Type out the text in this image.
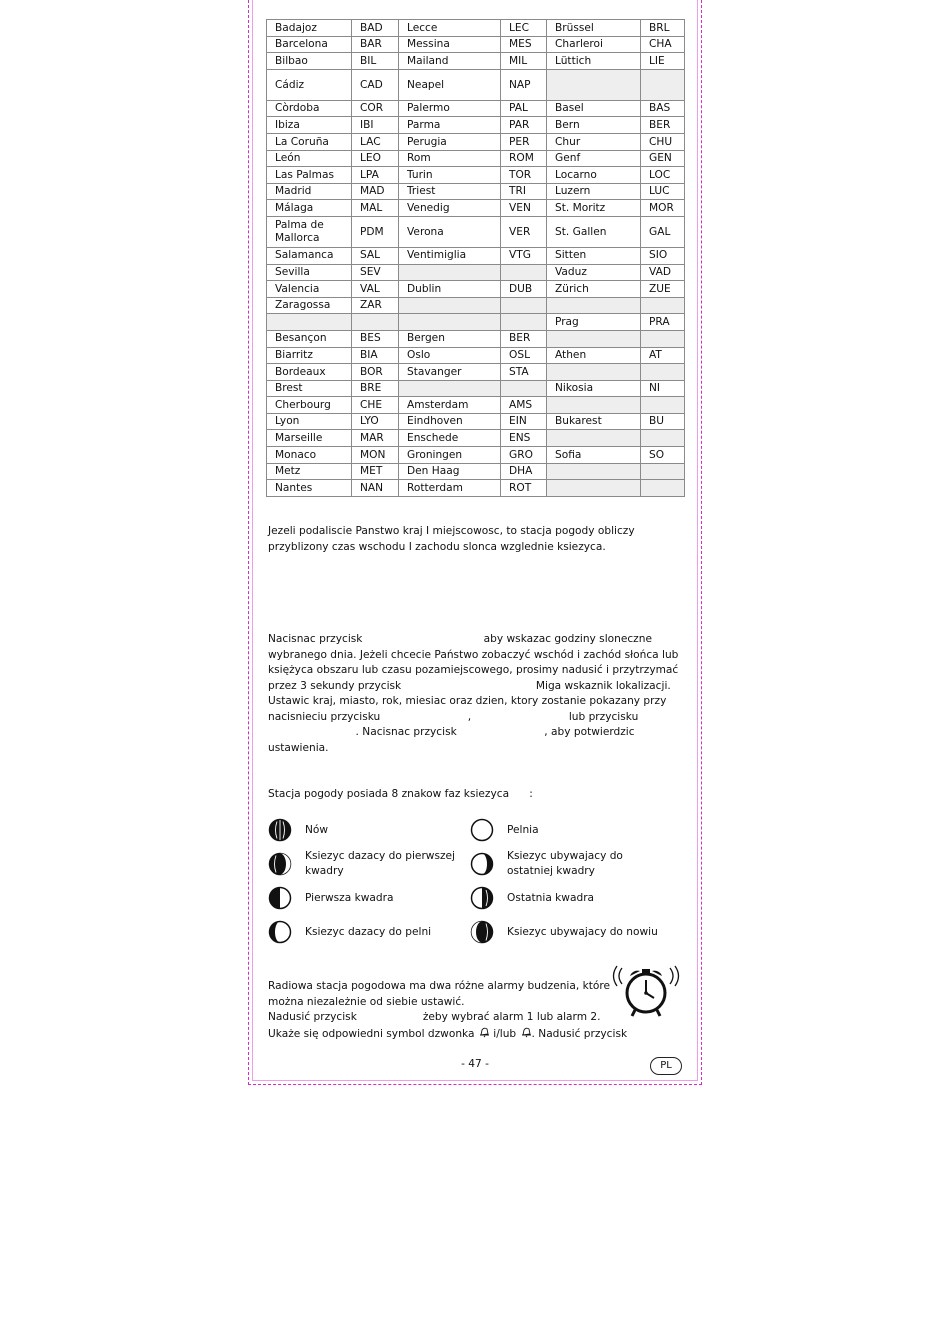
Badajoz	BAD	Lecce	LEC	Brüssel	BRL
Barcelona	BAR	Messina	MES	Charleroi	CHA
Bilbao	BIL	Mailand	MIL	Lüttich	LIE
Cádiz	CAD	Neapel	NAP		
Còrdoba	COR	Palermo	PAL	Basel	BAS
Ibiza	IBI	Parma	PAR	Bern	BER
La Coruña	LAC	Perugia	PER	Chur	CHU
León	LEO	Rom	ROM	Genf	GEN
Las Palmas	LPA	Turin	TOR	Locarno	LOC
Madrid	MAD	Triest	TRI	Luzern	LUC
Málaga	MAL	Venedig	VEN	St. Moritz	MOR
Palma de Mallorca	PDM	Verona	VER	St. Gallen	GAL
Salamanca	SAL	Ventimiglia	VTG	Sitten	SIO
Sevilla	SEV			Vaduz	VAD
Valencia	VAL	Dublin	DUB	Zürich	ZUE
Zaragossa	ZAR				
				Prag	PRA
Besançon	BES	Bergen	BER		
Biarritz	BIA	Oslo	OSL	Athen	AT
Bordeaux	BOR	Stavanger	STA		
Brest	BRE			Nikosia	NI
Cherbourg	CHE	Amsterdam	AMS		
Lyon	LYO	Eindhoven	EIN	Bukarest	BU
Marseille	MAR	Enschede	ENS		
Monaco	MON	Groningen	GRO	Sofia	SO
Metz	MET	Den Haag	DHA		
Nantes	NAN	Rotterdam	ROT		
Jezeli podaliscie Panstwo kraj I miejscowosc, to stacja pogody obliczy przyblizony czas wschodu I zachodu slonca wzglednie ksiezyca.
Nacisnac przycisk                                    aby wskazac godziny sloneczne
wybranego dnia. Jeżeli chcecie Państwo zobaczyć wschód i zachód słońca lub
księżyca obszaru lub czasu pozamiejscowego, prosimy nadusić i przytrzymać
przez 3 sekundy przycisk                                        Miga wskaznik lokalizacji.
Ustawic kraj, miasto, rok, miesiac oraz dzien, ktory zostanie pokazany przy
nacisnieciu przycisku                          ,                             lub przycisku
. Nacisnac przycisk                          , aby potwierdzic
ustawienia.
Stacja pogody posiada 8 znakow faz ksiezyca      :
Nów	Pelnia
Ksiezyc dazacy do pierwszej kwadry
Ksiezyc ubywajacy do ostatniej kwadry
Pierwsza kwadra	Ostatnia kwadra
Ksiezyc dazacy do pelni	Ksiezyc ubywajacy do nowiu
Radiowa stacja pogodowa ma dwa różne alarmy budzenia, które
można niezależnie od siebie ustawić.
Nadusić przycisk	żeby wybrać alarm 1 lub alarm 2.
Ukaże się odpowiedni symbol dzwonka i/lub . Nadusić przycisk
- 47 -	PL
